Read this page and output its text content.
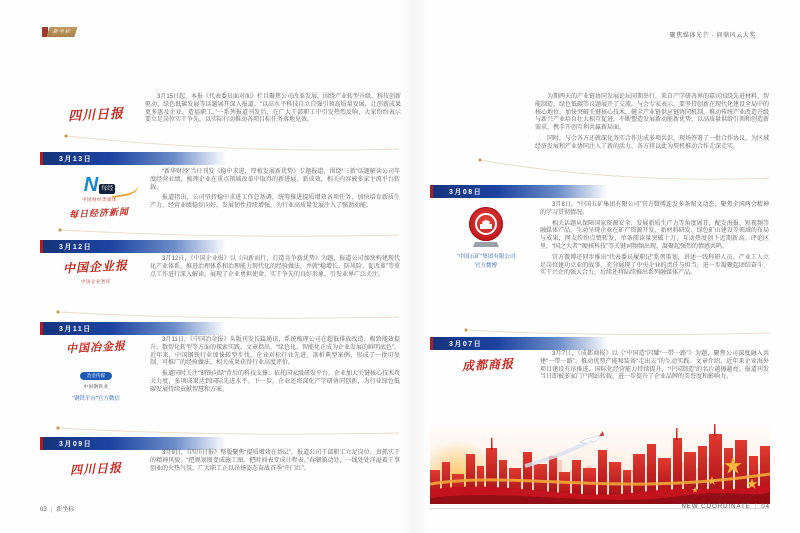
新坐标
聚焦媒体光芒 · 问鼎风云大奖
四川日报

3月15日起，本报《代表委员面对面》栏目聚焦公司改革发展，围绕产业转型升级、科技创新驱动、绿色低碳发展等话题展开深入报道。“以高水平科技自立自强引领高质量发展，让创新成果更多惠及企业、造福职工。”一系列报道刊发后，在广大干部职工中引发热烈反响，大家纷纷表示要立足岗位实干争先，以实际行动推动各项目标任务落地见效。

3月13日
N 每经
中国财经类媒体
每日经济新闻

“新华财经”当日刊发《稳中求进，厚植发展新优势》专题报道，围绕“三新”话题解读公司年度经营业绩，梳理企业在重点领域改革中取得的新进展、新成效，相关内容被多家主流平台转载。

报道指出，公司坚持稳中求进工作总基调，统筹推进提质增效各项任务，加快培育新质生产力，经营业绩稳步向好，发展韧性持续增强，为行业高质量发展注入了强劲动能。

3月12日
中国企业报
中国企业智库

3月12日，《中国企业报》以《向新而行，打造竞争新优势》为题，报道公司加快构建现代化产业体系、推进治理体系和治理能力现代化的经验做法，并就“稳增长、防风险、促改革”等重点工作进行深入解读，展现了企业勇担使命、实干争先的良好形象，引发业界广泛关注。

3月11日
中国冶金报
冶金传媒
中国钢铁业
“钢铁平台”官方微信

3月11日，《中国冶金报》头版刊发长篇通讯，系统梳理公司在超低排放改造、极致能效提升、数智化转型等方面的探索实践。文章指出，“绿色化、智能化正成为企业发展的鲜明底色”。近年来，中国钢铁行业加快转型步伐，企业对标行业先进、剖析典型案例，形成了一批可复制、可推广的经验做法，相关成果获得行业高度评价。

报道同时关注“钢铁向绿”背后的科技支撑：依托国家级研发平台，企业加大关键核心技术攻关力度，多项成果达到国际先进水平。下一步，企业还将深化产学研协同创新，为行业绿色低碳发展持续贡献智慧和方案。

3月09日
四川日报

3月9日，《四川日报》整版聚焦“提质增效在基层”，报道公司干部职工立足岗位、真抓实干的精神风貌。“把规划图变成施工图，把时间表变成计程表。”春潮涌动处，一线处处洋溢着干事创业的火热气氛，广大职工正以昂扬姿态奋战首季“开门红”。

03 | 新坐标

为期两天的产业链协同发展论坛同期举行，来自产学研各界的嘉宾围绕先进材料、智能制造、绿色低碳等议题展开了交流。与会专家表示，要坚持创新在现代化建设全局中的核心地位，加快突破关键核心技术，健全产业链供应链协同机制，推动传统产业改造升级与新兴产业培育壮大相互促进，不断塑造发展新动能新优势，以高质量供给引领和创造新需求，携手开创互利共赢新局面。

同时，与会各方还就深化务实合作达成多项共识，现场签署了一批合作协议，为区域经济发展和产业协同注入了新的活力，各方将以此为契机推动合作走深走实。

3月08日
“中国五矿”集团有限公司
官方微博

3月8日，“中国五矿集团有限公司”官方微博连发多条图文动态，聚焦全国两会精神的学习贯彻情况。

相关话题从保障国家资源安全、发展新质生产力等角度展开，配发海报、短视频等融媒体产品，生动呈现企业在矿产资源开发、新材料研发、绿色矿山建设等领域的布局与成果，网友纷纷点赞转发，单条阅读量突破十万，互动热度创下近期新高。评论区里，“国之大者”“硬核科技”等关键词频频出现，凝聚起强烈的情感共鸣。

官方微博还同步推出“代表委员履职记”系列策划，讲述一线科研人员、产业工人立足岗位建功立业的故事，充分展现了中央企业的责任与担当，进一步凝聚起团结奋斗、实干兴企的强大合力，后续还将陆续推出系列融媒体产品。

3月07日
成都商报

3月7日，《成都商报》以《“中国造”闪耀“一带一路”》为题，聚焦公司深度融入共建“一带一路”、推动优势产能和装备“走出去”的生动实践。文章介绍，近年来企业海外项目建设有序推进，国际化经营能力持续提升，“中国制造”的名片越擦越亮。报道刊发当日即被多家门户网站转载，进一步提升了企业品牌的美誉度和影响力。

NEW COORDINATE | 04
